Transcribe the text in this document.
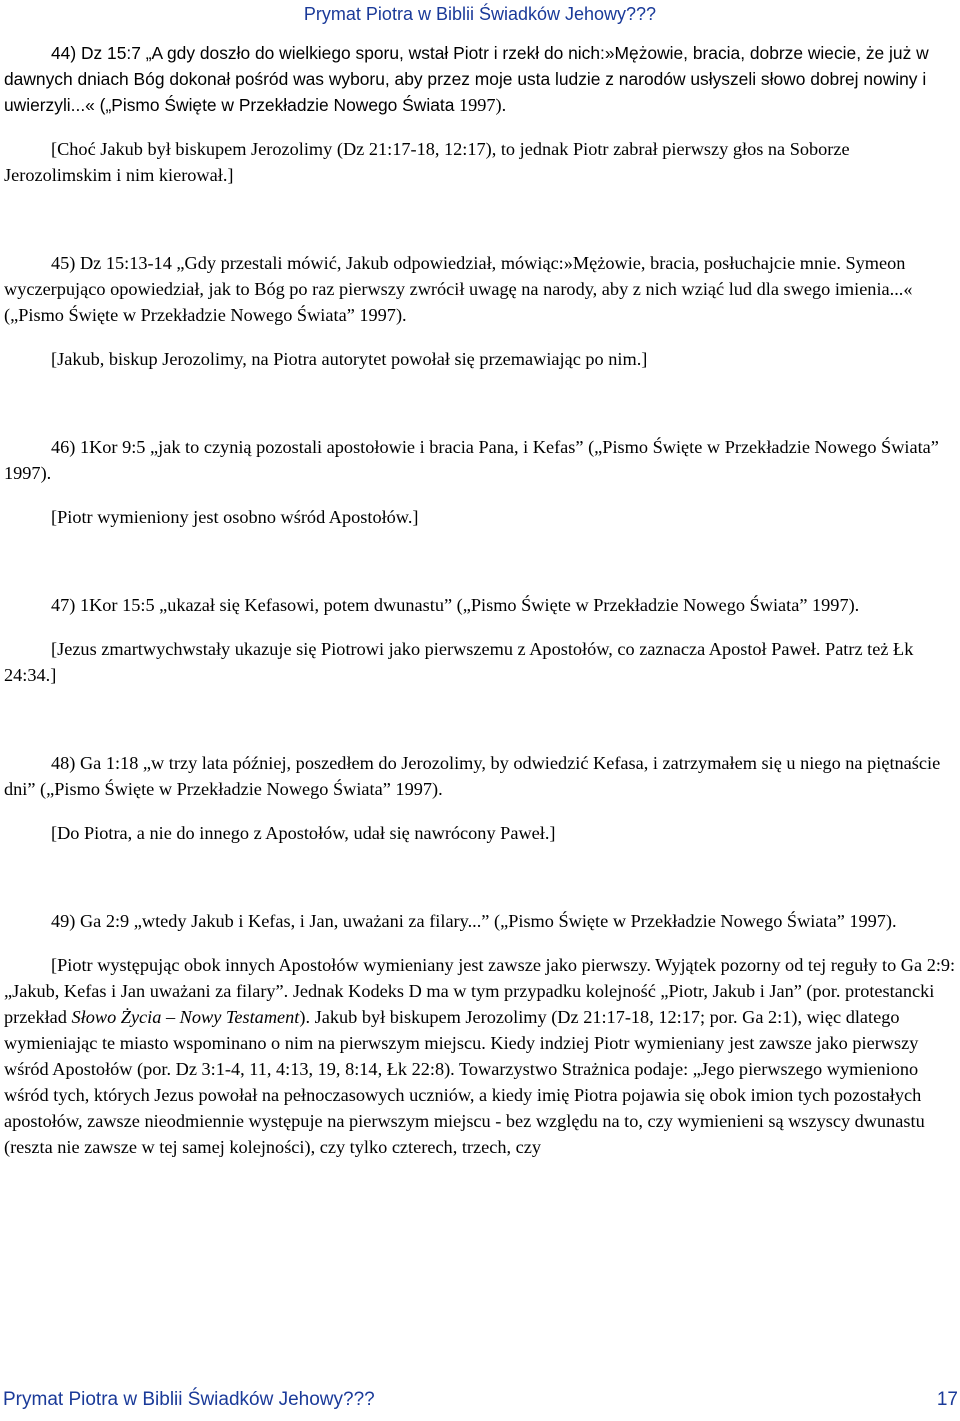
Prymat Piotra w Biblii Świadków Jehowy???

44) Dz 15:7 „A gdy doszło do wielkiego sporu, wstał Piotr i rzekł do nich:»Mężowie, bracia, dobrze wiecie, że już w dawnych dniach Bóg dokonał pośród was wyboru, aby przez moje usta ludzie z narodów usłyszeli słowo dobrej nowiny i uwierzyli...« („Pismo Święte w Przekładzie Nowego Świata 1997).

[Choć Jakub był biskupem Jerozolimy (Dz 21:17-18, 12:17), to jednak Piotr zabrał pierwszy głos na Soborze Jerozolimskim i nim kierował.]

45) Dz 15:13-14 „Gdy przestali mówić, Jakub odpowiedział, mówiąc:»Mężowie, bracia, posłuchajcie mnie. Symeon wyczerpująco opowiedział, jak to Bóg po raz pierwszy zwrócił uwagę na narody, aby z nich wziąć lud dla swego imienia...« („Pismo Święte w Przekładzie Nowego Świata” 1997).

[Jakub, biskup Jerozolimy, na Piotra autorytet powołał się przemawiając po nim.]

46) 1Kor 9:5 „jak to czynią pozostali apostołowie i bracia Pana, i Kefas” („Pismo Święte w Przekładzie Nowego Świata” 1997).

[Piotr wymieniony jest osobno wśród Apostołów.]

47) 1Kor 15:5 „ukazał się Kefasowi, potem dwunastu” („Pismo Święte w Przekładzie Nowego Świata” 1997).

[Jezus zmartwychwstały ukazuje się Piotrowi jako pierwszemu z Apostołów, co zaznacza Apostoł Paweł. Patrz też Łk 24:34.]

48) Ga 1:18 „w trzy lata później, poszedłem do Jerozolimy, by odwiedzić Kefasa, i zatrzymałem się u niego na piętnaście dni” („Pismo Święte w Przekładzie Nowego Świata” 1997).

[Do Piotra, a nie do innego z Apostołów, udał się nawrócony Paweł.]

49) Ga 2:9 „wtedy Jakub i Kefas, i Jan, uważani za filary...” („Pismo Święte w Przekładzie Nowego Świata” 1997).

[Piotr występując obok innych Apostołów wymieniany jest zawsze jako pierwszy. Wyjątek pozorny od tej reguły to Ga 2:9: „Jakub, Kefas i Jan uważani za filary”. Jednak Kodeks D ma w tym przypadku kolejność „Piotr, Jakub i Jan” (por. protestancki przekład Słowo Życia – Nowy Testament). Jakub był biskupem Jerozolimy (Dz 21:17-18, 12:17; por. Ga 2:1), więc dlatego wymieniając te miasto wspominano o nim na pierwszym miejscu. Kiedy indziej Piotr wymieniany jest zawsze jako pierwszy wśród Apostołów (por. Dz 3:1-4, 11, 4:13, 19, 8:14, Łk 22:8). Towarzystwo Strażnica podaje: „Jego pierwszego wymieniono wśród tych, których Jezus powołał na pełnoczasowych uczniów, a kiedy imię Piotra pojawia się obok imion tych pozostałych apostołów, zawsze nieodmiennie występuje na pierwszym miejscu - bez względu na to, czy wymienieni są wszyscy dwunastu (reszta nie zawsze w tej samej kolejności), czy tylko czterech, trzech, czy

Prymat Piotra w Biblii Świadków Jehowy???	17
